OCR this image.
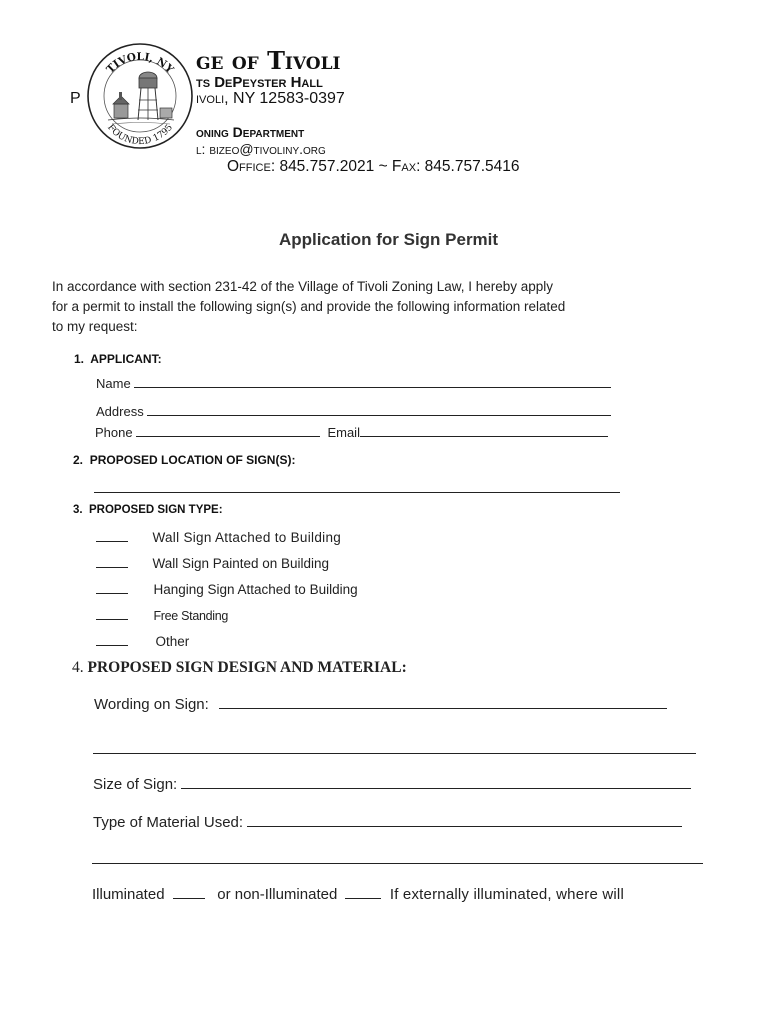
TIVOLI, NY
FOUNDED 1795
ge of Tivoli
ts DePeyster Hall
P	ivoli, NY 12583-0397
oning Department
l: bizeo@tivoliny.org
Office: 845.757.2021 ~ Fax: 845.757.5416
Application for Sign Permit
In accordance with section 231-42 of the Village of Tivoli Zoning Law, I hereby apply
for a permit to install the following sign(s) and provide the following information related
to my request:
1. APPLICANT:
Name
Address
Phone	Email
2. PROPOSED LOCATION OF SIGN(S):
3. PROPOSED SIGN TYPE:
Wall Sign Attached to Building
Wall Sign Painted on Building
Hanging Sign Attached to Building
Free Standing
Other
4. PROPOSED SIGN DESIGN AND MATERIAL:
Wording on Sign:
Size of Sign:
Type of Material Used:
Illuminated	or non-Illuminated	If externally illuminated, where will
